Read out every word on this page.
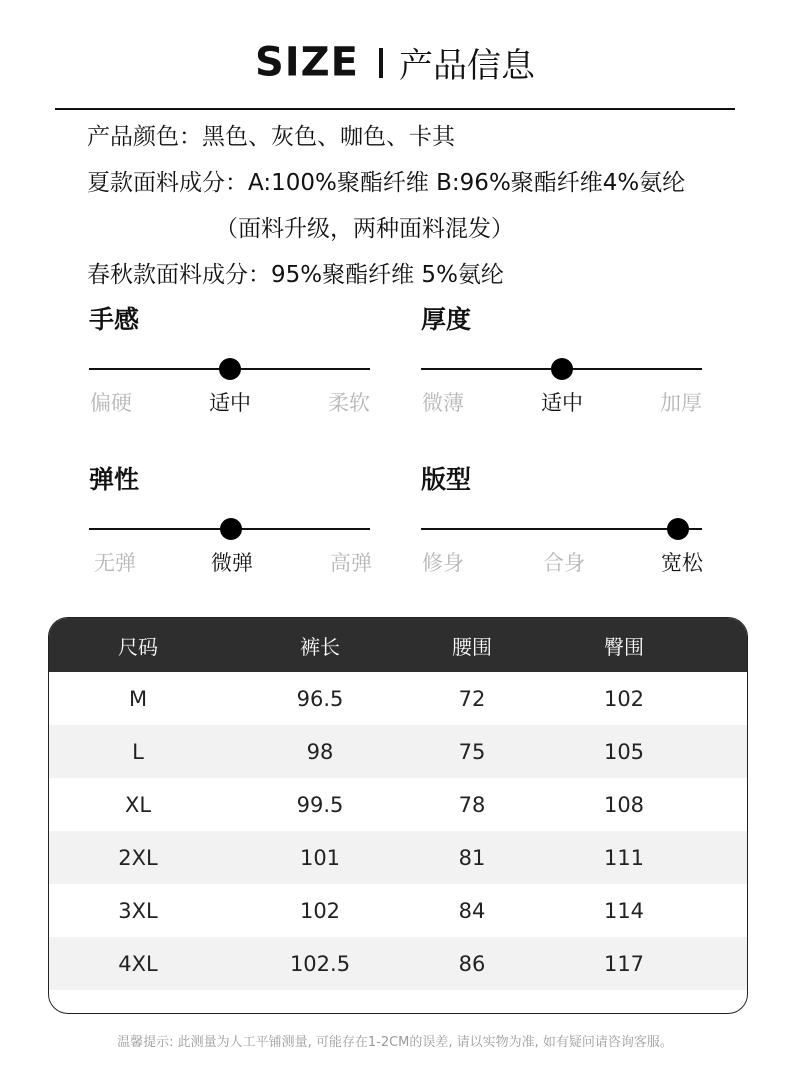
SIZE 产品信息
产品颜色：黑色、灰色、咖色、卡其
夏款面料成分：A:100%聚酯纤维 B:96%聚酯纤维4%氨纶
（面料升级，两种面料混发）
春秋款面料成分：95%聚酯纤维 5%氨纶
手感
偏硬	适中	柔软
厚度
微薄	适中	加厚
弹性
无弹	微弹	高弹
版型
修身	合身	宽松
尺码	裤长	腰围	臀围
M	96.5	72	102
L	98	75	105
XL	99.5	78	108
2XL	101	81	111
3XL	102	84	114
4XL	102.5	86	117
温馨提示: 此测量为人工平铺测量, 可能存在1-2CM的误差, 请以实物为准, 如有疑问请咨询客服。
